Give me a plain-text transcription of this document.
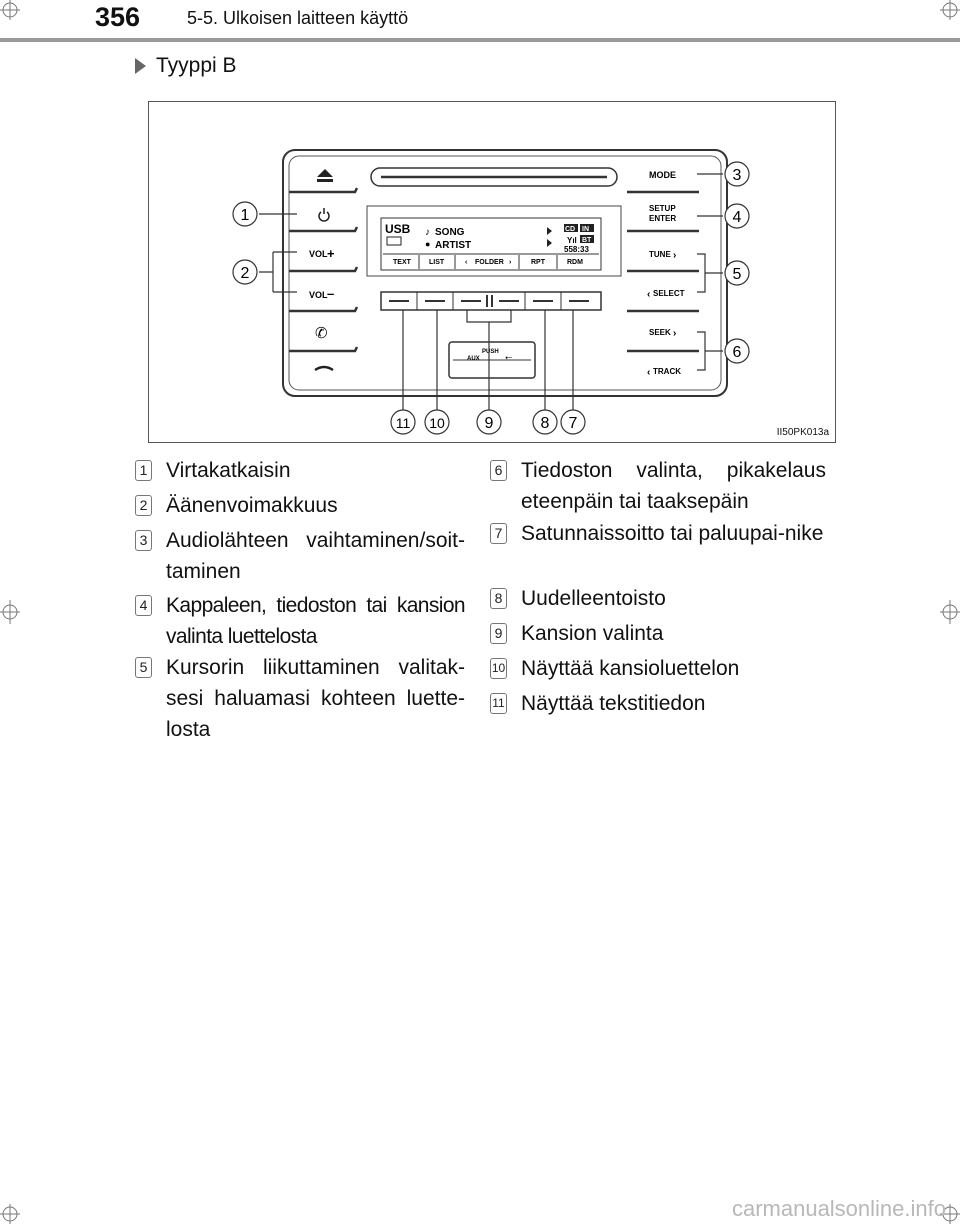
356	5-5. Ulkoisen laitteen käyttö
Tyyppi B
VOL +
VOL –
✆
MODE
SETUP
ENTER
TUNE ›
‹ SELECT
SEEK ›
‹ TRACK
USB ♪ SONG
● ARTIST
CD IN
Yıl BT
558:33
TEXT	LIST	‹ FOLDER ›	RPT	RDM
PUSH
AUX	⭠
1
2
3
4
5
6
7
8
9
10
11
II50PK013a
1 Virtakatkaisin
2 Äänenvoimakkuus
3 Audiolähteen vaihtaminen/soit-taminen
4 Kappaleen, tiedoston tai kansion valinta luettelosta
5 Kursorin liikuttaminen valitak-sesi haluamasi kohteen luette-losta
6 Tiedoston valinta, pikakelaus eteenpäin tai taaksepäin
7 Satunnaissoitto tai paluupai-nike
8 Uudelleentoisto
9 Kansion valinta
10 Näyttää kansioluettelon
11 Näyttää tekstitiedon
carmanualsonline.info
